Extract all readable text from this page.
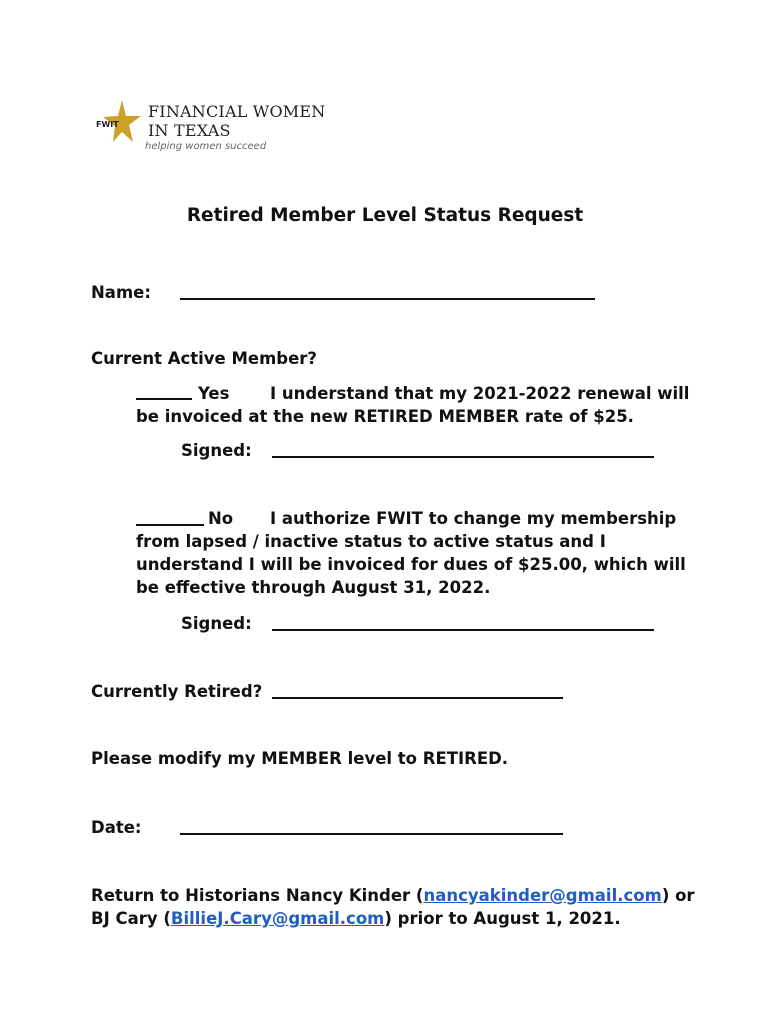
FWIT
FINANCIAL WOMEN
IN TEXAS
helping women succeed
Retired Member Level Status Request
Name:
Current Active Member?
Yes I understand that my 2021-2022 renewal will
be invoiced at the new RETIRED MEMBER rate of $25.
Signed:
No I authorize FWIT to change my membership
from lapsed / inactive status to active status and I
understand I will be invoiced for dues of $25.00, which will
be effective through August 31, 2022.
Signed:
Currently Retired?
Please modify my MEMBER level to RETIRED.
Date:
Return to Historians Nancy Kinder (nancyakinder@gmail.com) or
BJ Cary (BillieJ.Cary@gmail.com) prior to August 1, 2021.
